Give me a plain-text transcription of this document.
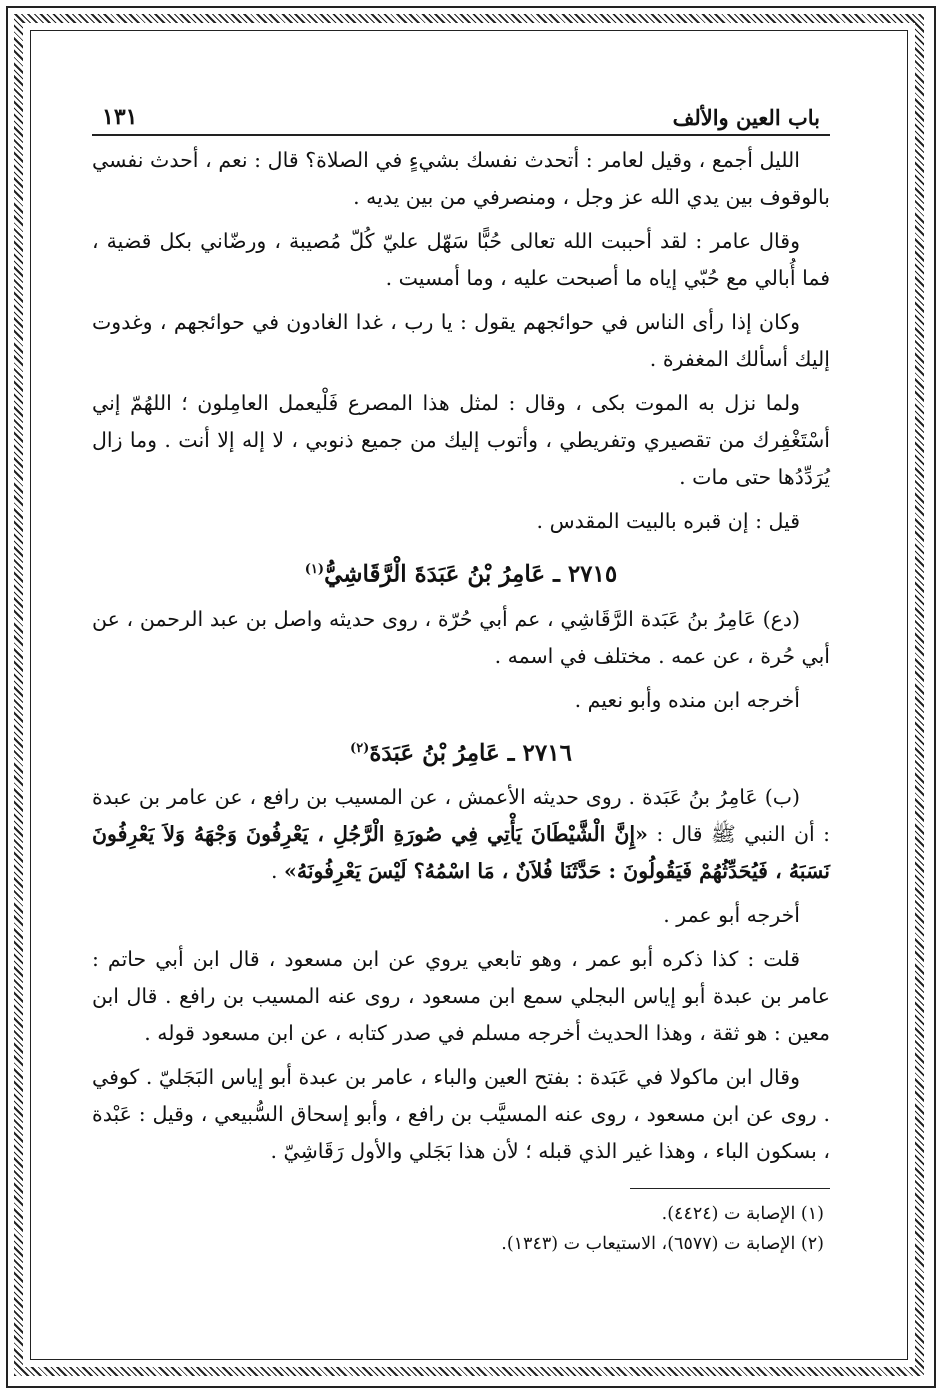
باب العين والألف
١٣١

الليل أجمع ، وقيل لعامر : أتحدث نفسك بشيءٍ في الصلاة؟ قال : نعم ، أحدث نفسي بالوقوف بين يدي الله عز وجل ، ومنصرفي من بين يديه .

وقال عامر : لقد أحببت الله تعالى حُبًّا سَهّل عليّ كُلّ مُصيبة ، ورضّاني بكل قضية ، فما أُبالي مع حُبّي إياه ما أصبحت عليه ، وما أمسيت .

وكان إذا رأى الناس في حوائجهم يقول : يا رب ، غدا الغادون في حوائجهم ، وغدوت إليك أسألك المغفرة .

ولما نزل به الموت بكى ، وقال : لمثل هذا المصرع فَلْيعمل العامِلون ؛ اللهُمّ إني أسْتَغْفِرك من تقصيري وتفريطي ، وأتوب إليك من جميع ذنوبي ، لا إله إلا أنت . وما زال يُرَدِّدُها حتى مات .

قيل : إن قبره بالبيت المقدس .

٢٧١٥ ـ عَامِرُ بْنُ عَبَدَةَ الْرَّقَاشِيُّ$^{(١)}$

(دع) عَامِرُ بنُ عَبَدة الرَّقَاشِي ، عم أبي حُرّة ، روى حديثه واصل بن عبد الرحمن ، عن أبي حُرة ، عن عمه . مختلف في اسمه .

أخرجه ابن منده وأبو نعيم .

٢٧١٦ ـ عَامِرُ بْنُ عَبَدَةَ$^{(٢)}$

(ب) عَامِرُ بنُ عَبَدة . روى حديثه الأعمش ، عن المسيب بن رافع ، عن عامر بن عبدة : أن النبي ﷺ قال : «إِنَّ الْشَّيْطَانَ يَأْتِي فِي صُورَةِ الْرَّجُلِ ، يَعْرِفُونَ وَجْهَهُ وَلاَ يَعْرِفُونَ نَسَبَهُ ، فَيُحَدِّثُهُمْ فَيَقُولُونَ : حَدَّثَنَا فُلاَنٌ ، مَا اسْمُهُ؟ لَيْسَ يَعْرِفُونَهُ» .

أخرجه أبو عمر .

قلت : كذا ذكره أبو عمر ، وهو تابعي يروي عن ابن مسعود ، قال ابن أبي حاتم : عامر بن عبدة أبو إياس البجلي سمع ابن مسعود ، روى عنه المسيب بن رافع . قال ابن معين : هو ثقة ، وهذا الحديث أخرجه مسلم في صدر كتابه ، عن ابن مسعود قوله .

وقال ابن ماكولا في عَبَدة : بفتح العين والباء ، عامر بن عبدة أبو إياس البَجَليّ . كوفي . روى عن ابن مسعود ، روى عنه المسيَّب بن رافع ، وأبو إسحاق السُّبيعي ، وقيل : عَبْدة ، بسكون الباء ، وهذا غير الذي قبله ؛ لأن هذا بَجَلي والأول رَقَاشِيّ .

(١) الإصابة ت (٤٤٢٤).

(٢) الإصابة ت (٦٥٧٧)، الاستيعاب ت (١٣٤٣).
